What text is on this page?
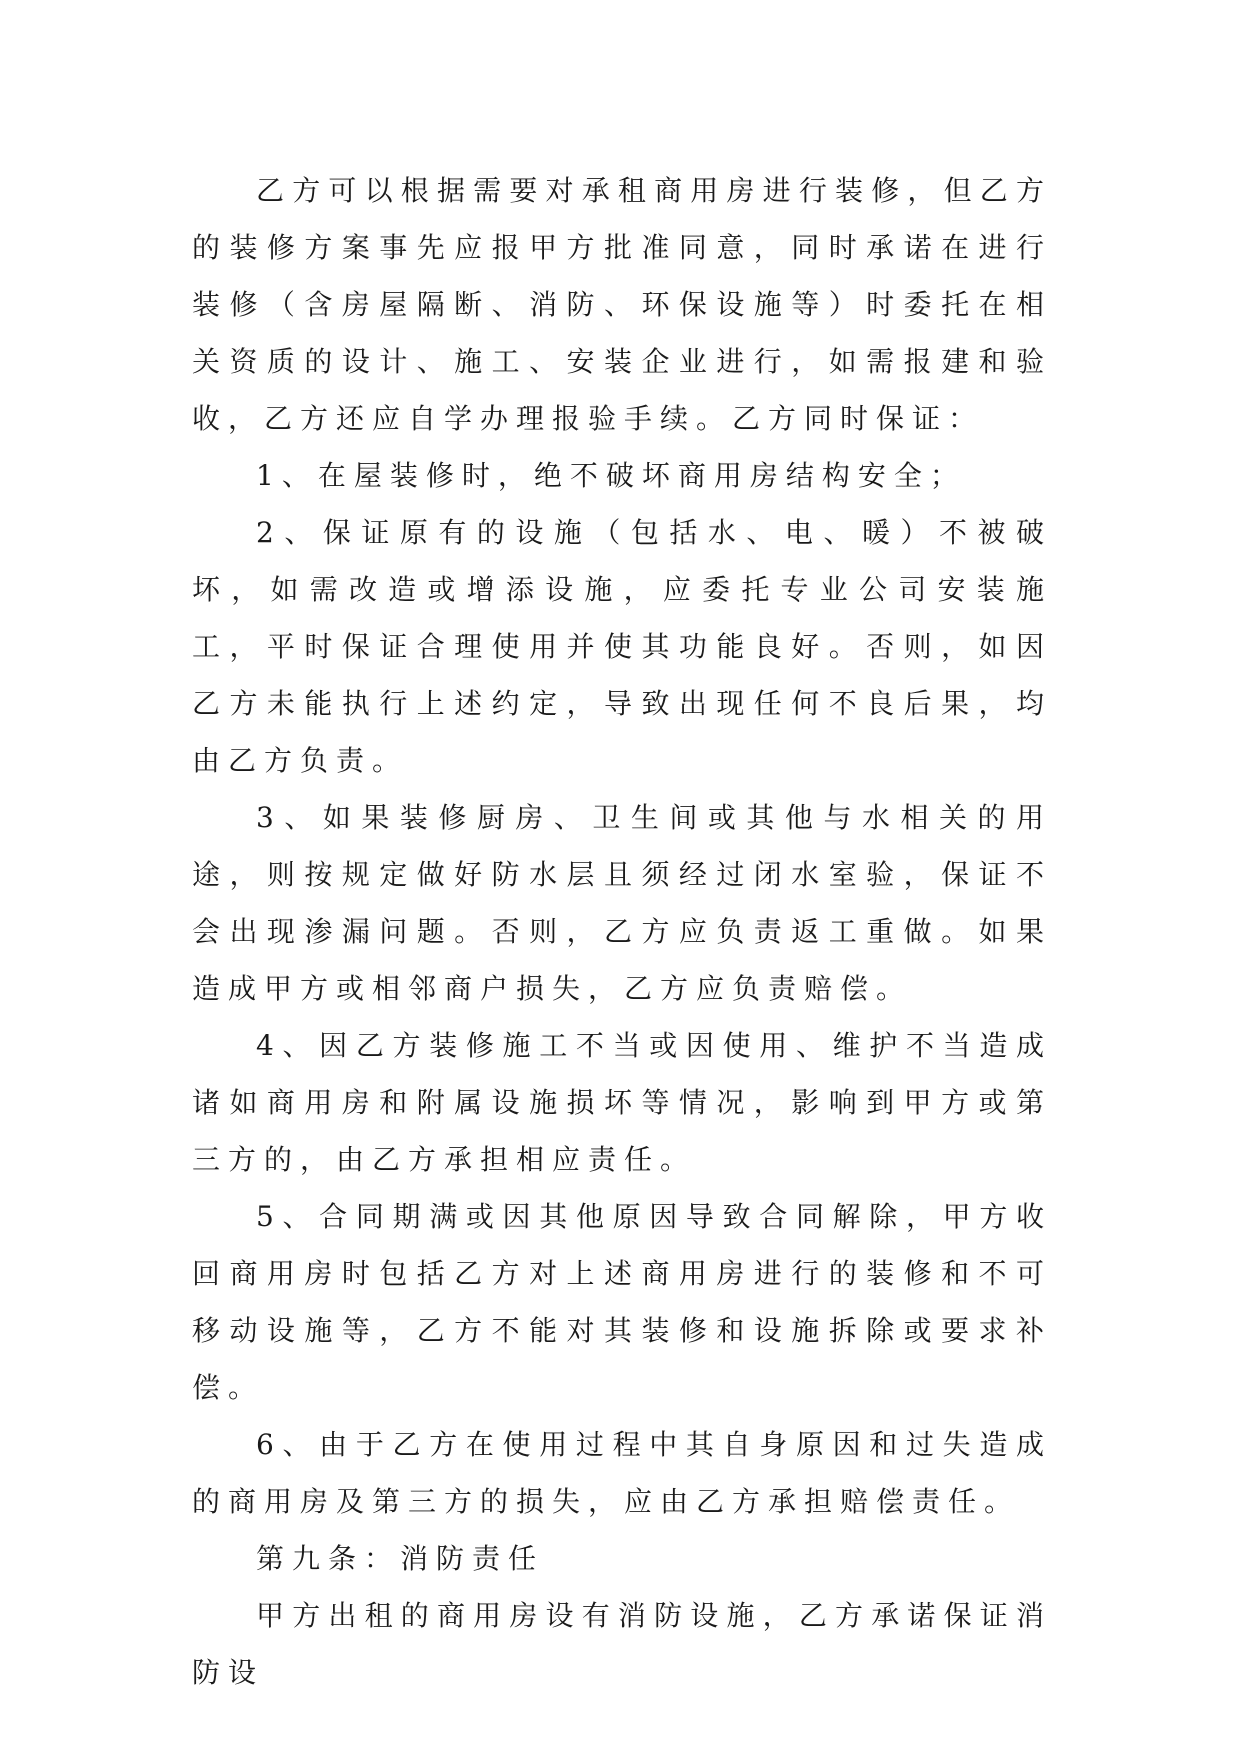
乙方可以根据需要对承租商用房进行装修，但乙方的装修方案事先应报甲方批准同意，同时承诺在进行装修（含房屋隔断、消防、环保设施等）时委托在相关资质的设计、施工、安装企业进行，如需报建和验收，乙方还应自学办理报验手续。乙方同时保证：

1、在屋装修时，绝不破坏商用房结构安全；

2、保证原有的设施（包括水、电、暖）不被破坏，如需改造或增添设施，应委托专业公司安装施工，平时保证合理使用并使其功能良好。否则，如因乙方未能执行上述约定，导致出现任何不良后果，均由乙方负责。

3、如果装修厨房、卫生间或其他与水相关的用途，则按规定做好防水层且须经过闭水室验，保证不会出现渗漏问题。否则，乙方应负责返工重做。如果造成甲方或相邻商户损失，乙方应负责赔偿。

4、因乙方装修施工不当或因使用、维护不当造成诸如商用房和附属设施损坏等情况，影响到甲方或第三方的，由乙方承担相应责任。

5、合同期满或因其他原因导致合同解除，甲方收回商用房时包括乙方对上述商用房进行的装修和不可移动设施等，乙方不能对其装修和设施拆除或要求补偿。

6、由于乙方在使用过程中其自身原因和过失造成的商用房及第三方的损失，应由乙方承担赔偿责任。

第九条：消防责任

甲方出租的商用房设有消防设施，乙方承诺保证消防设
